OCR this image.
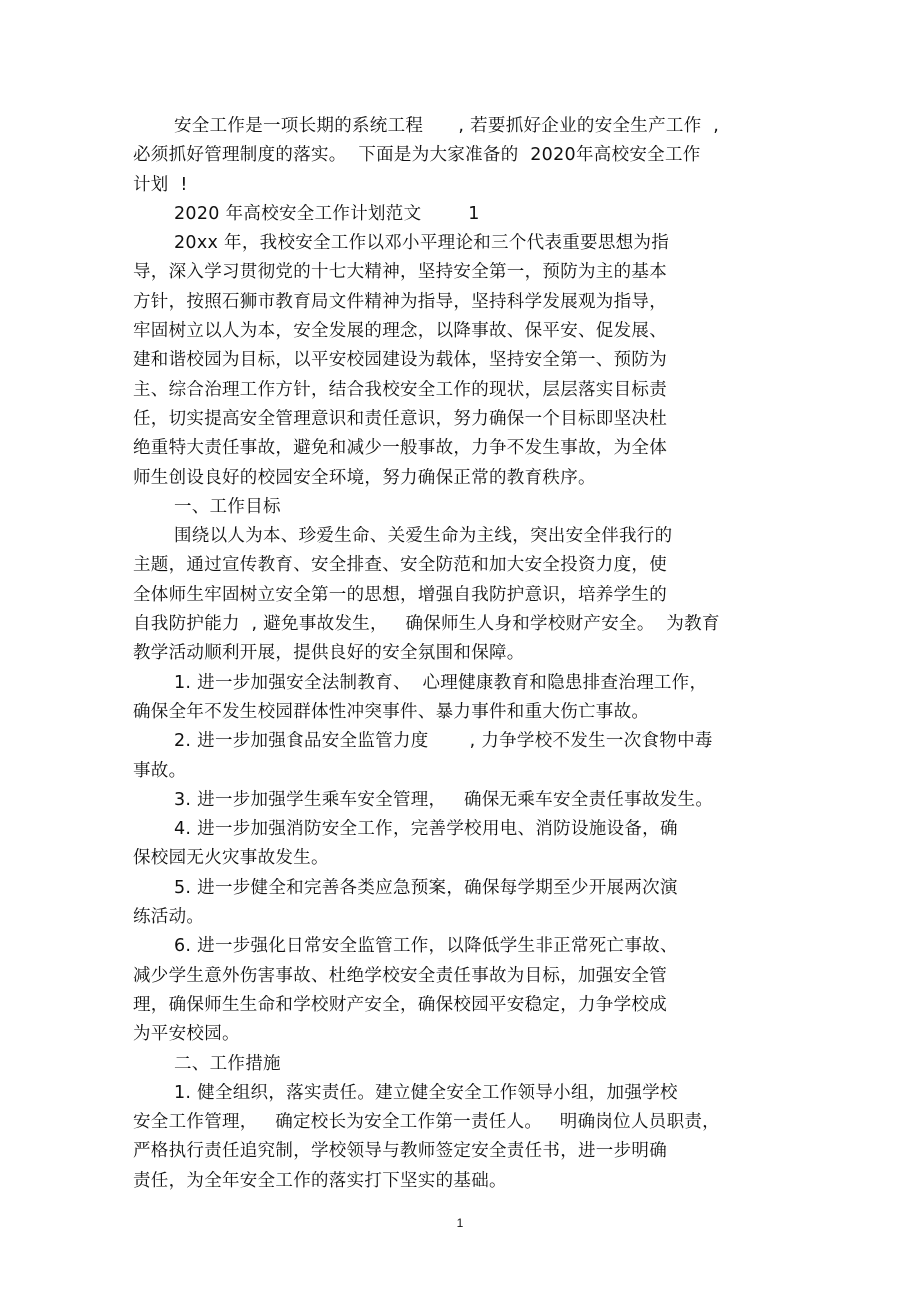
安全工作是一项长期的系统工程      , 若要抓好企业的安全生产工作  ,
必须抓好管理制度的落实。  下面是为大家准备的  2020年高校安全工作
计划  !
2020 年高校安全工作计划范文        1
20xx 年，我校安全工作以邓小平理论和三个代表重要思想为指
导，深入学习贯彻党的十七大精神，坚持安全第一，预防为主的基本
方针，按照石狮市教育局文件精神为指导，坚持科学发展观为指导，
牢固树立以人为本，安全发展的理念，以降事故、保平安、促发展、
建和谐校园为目标，以平安校园建设为载体，坚持安全第一、预防为
主、综合治理工作方针，结合我校安全工作的现状，层层落实目标责
任，切实提高安全管理意识和责任意识，努力确保一个目标即坚决杜
绝重特大责任事故，避免和减少一般事故，力争不发生事故，为全体
师生创设良好的校园安全环境，努力确保正常的教育秩序。
一、工作目标
围绕以人为本、珍爱生命、关爱生命为主线，突出安全伴我行的
主题，通过宣传教育、安全排查、安全防范和加大安全投资力度，使
全体师生牢固树立安全第一的思想，增强自我防护意识，培养学生的
自我防护能力  , 避免事故发生，   确保师生人身和学校财产安全。  为教育
教学活动顺利开展，提供良好的安全氛围和保障。
1. 进一步加强安全法制教育、  心理健康教育和隐患排查治理工作，
确保全年不发生校园群体性冲突事件、暴力事件和重大伤亡事故。
2. 进一步加强食品安全监管力度       , 力争学校不发生一次食物中毒
事故。
3. 进一步加强学生乘车安全管理，   确保无乘车安全责任事故发生。
4. 进一步加强消防安全工作，完善学校用电、消防设施设备，确
保校园无火灾事故发生。
5. 进一步健全和完善各类应急预案，确保每学期至少开展两次演
练活动。
6. 进一步强化日常安全监管工作，以降低学生非正常死亡事故、
减少学生意外伤害事故、杜绝学校安全责任事故为目标，加强安全管
理，确保师生生命和学校财产安全，确保校园平安稳定，力争学校成
为平安校园。
二、工作措施
1. 健全组织，落实责任。建立健全安全工作领导小组，加强学校
安全工作管理，   确定校长为安全工作第一责任人。   明确岗位人员职责，
严格执行责任追究制，学校领导与教师签定安全责任书，进一步明确
责任，为全年安全工作的落实打下坚实的基础。
1
